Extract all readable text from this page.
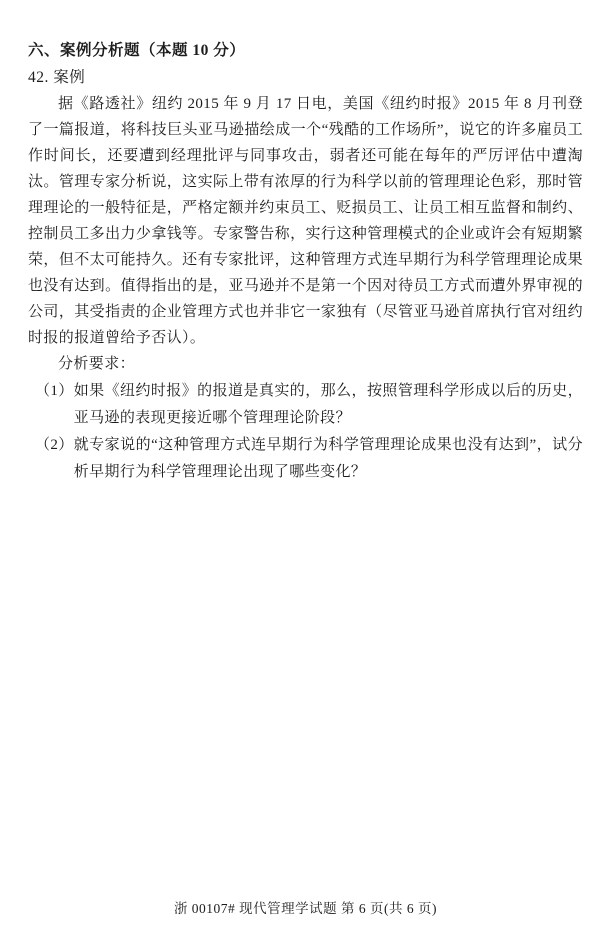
六、案例分析题（本题 10 分）
42. 案例

据《路透社》纽约 2015 年 9 月 17 日电，美国《纽约时报》2015 年 8 月刊登了一篇报道，将科技巨头亚马逊描绘成一个“残酷的工作场所”，说它的许多雇员工作时间长，还要遭到经理批评与同事攻击，弱者还可能在每年的严厉评估中遭淘汰。管理专家分析说，这实际上带有浓厚的行为科学以前的管理理论色彩，那时管理理论的一般特征是，严格定额并约束员工、贬损员工、让员工相互监督和制约、控制员工多出力少拿钱等。专家警告称，实行这种管理模式的企业或许会有短期繁荣，但不太可能持久。还有专家批评，这种管理方式连早期行为科学管理理论成果也没有达到。值得指出的是，亚马逊并不是第一个因对待员工方式而遭外界审视的公司，其受指责的企业管理方式也并非它一家独有（尽管亚马逊首席执行官对纽约时报的报道曾给予否认）。

分析要求：
（1） 如果《纽约时报》的报道是真实的，那么，按照管理科学形成以后的历史，亚马逊的表现更接近哪个管理理论阶段？
（2） 就专家说的“这种管理方式连早期行为科学管理理论成果也没有达到”，试分析早期行为科学管理理论出现了哪些变化？
浙 00107# 现代管理学试题 第 6 页(共 6 页)
